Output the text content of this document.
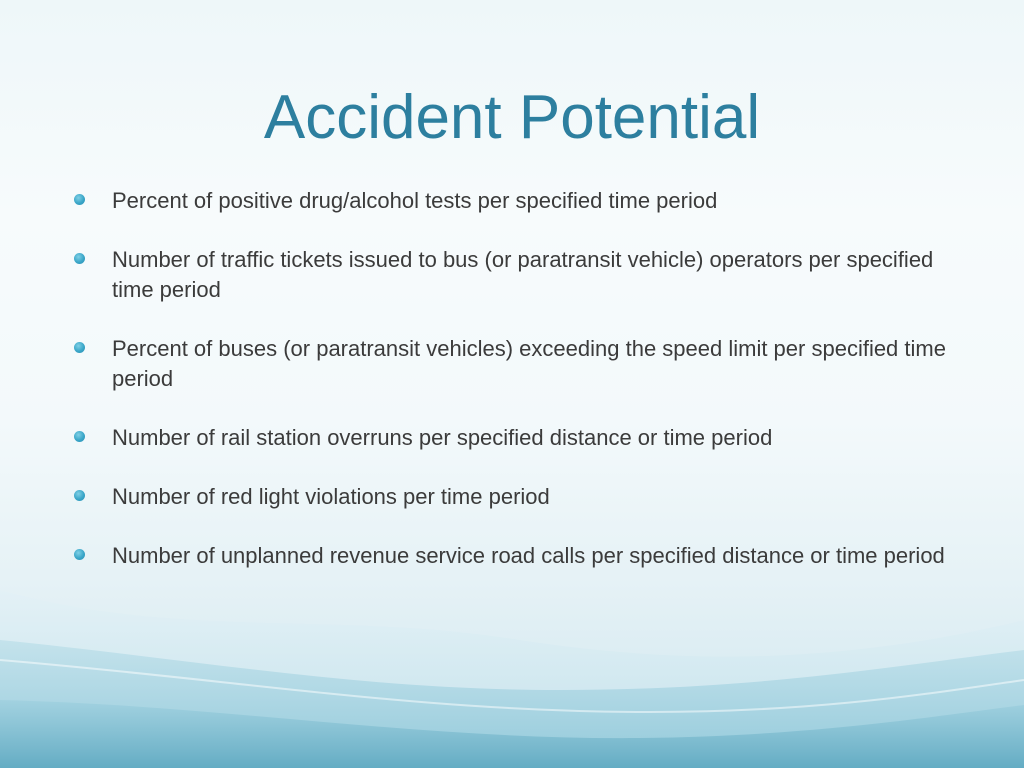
Accident Potential
Percent of positive drug/alcohol tests per specified time period
Number of traffic tickets issued to bus (or paratransit vehicle) operators per specified time period
Percent of buses (or paratransit vehicles) exceeding the speed limit per specified time period
Number of rail station overruns per specified distance or time period
Number of red light violations per time period
Number of unplanned revenue service road calls per specified distance or time period
